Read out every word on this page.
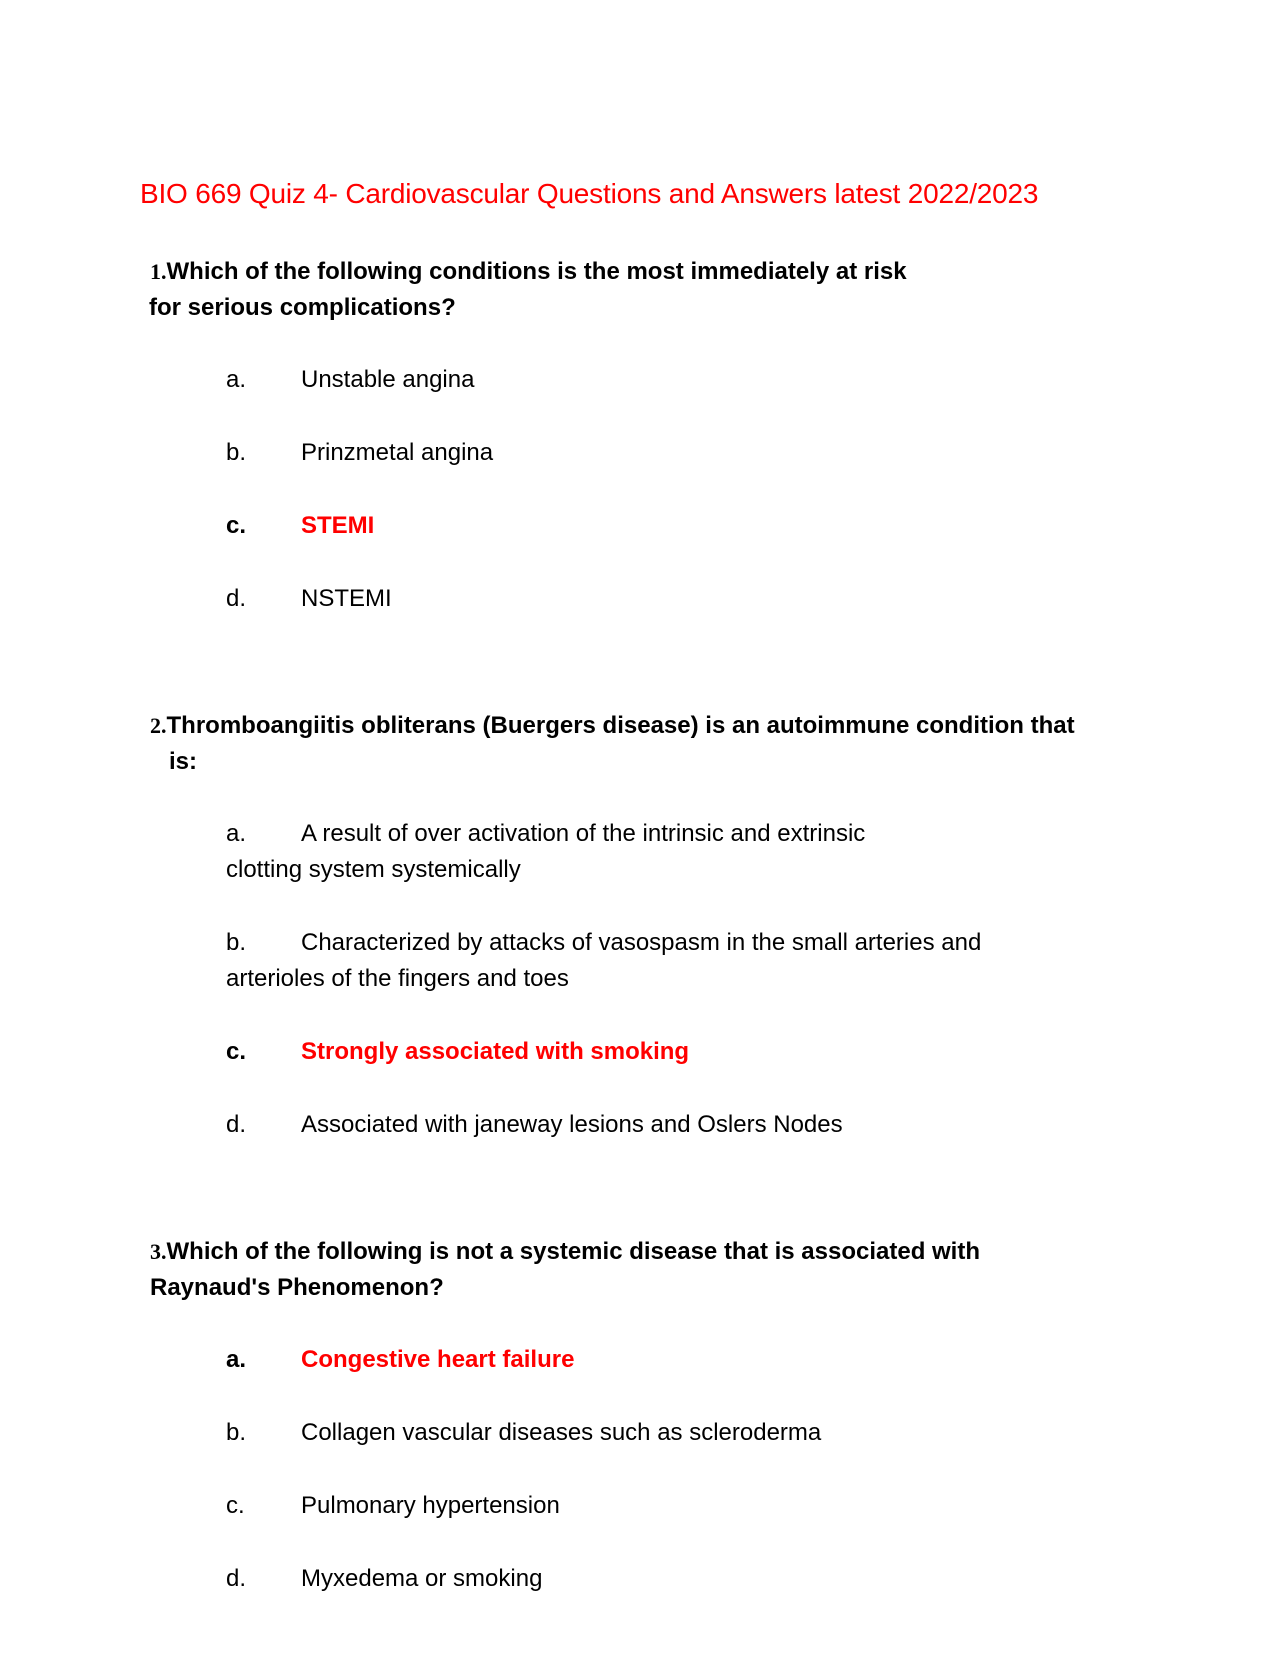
BIO 669 Quiz 4- Cardiovascular Questions and Answers latest 2022/2023
1.Which of the following conditions is the most immediately at risk
for serious complications?
a. Unstable angina
b. Prinzmetal angina
c. STEMI
d. NSTEMI
2.Thromboangiitis obliterans (Buergers disease) is an autoimmune condition that
is:
a. A result of over activation of the intrinsic and extrinsic
clotting system systemically
b. Characterized by attacks of vasospasm in the small arteries and
arterioles of the fingers and toes
c. Strongly associated with smoking
d. Associated with janeway lesions and Oslers Nodes
3.Which of the following is not a systemic disease that is associated with
Raynaud's Phenomenon?
a. Congestive heart failure
b. Collagen vascular diseases such as scleroderma
c. Pulmonary hypertension
d. Myxedema or smoking
